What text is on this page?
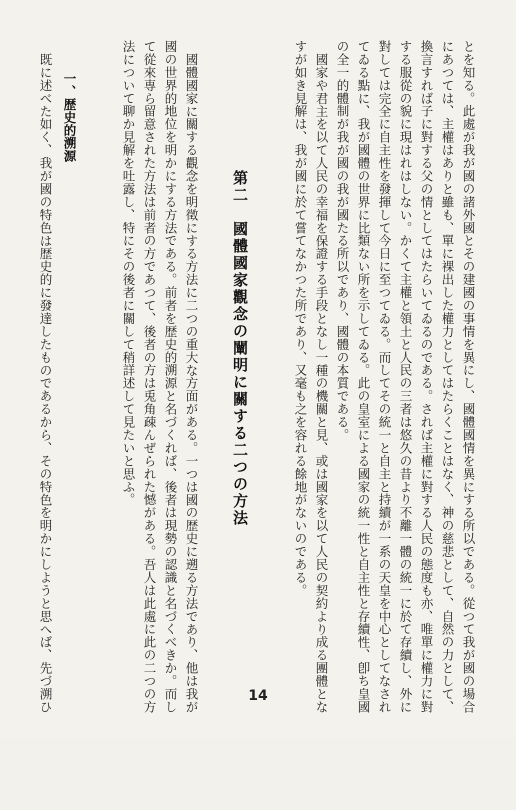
とを知る。此處が我が國の諸外國とその建國の事情を異にし、國體國情を異にする所以である。從つて我が國の場合
にあつては、主權はありと雖も、單に裸出した權力としてはたらくことはなく、神の慈悲として、自然の力として、
換言すれば子に對する父の情としてはたらいてゐるのである。されば主權に對する人民の態度も亦、唯單に權力に對
する服從の貌に現はれはしない。かくて主權と領土と人民の三者は悠久の昔より不離一體の統一に於て存續し、外に
對しては完全に自主性を發揮して今日に至つてゐる。而してその統一と自主と持續が一系の天皇を中心としてなされ
てゐる點に、我が國體の世界に比類ない所を示してゐる。此の皇室による國家の統一性と自主性と存續性、卽ち皇國
の全一的體制が我が國の我が國たる所以であり、國體の本質である。
國家や君主を以て人民の幸福を保證する手段となし一種の機關と見、或は國家を以て人民の契約より成る團體とな
すが如き見解は、我が國に於て嘗てなかつた所であり、又毫も之を容れる餘地がないのである。
第二　國體國家觀念の闡明に關する二つの方法
國體國家に關する觀念を明徵にする方法に二つの重大な方面がある。一つは國の歴史に遡る方法であり、他は我が
國の世界的地位を明かにする方法である。前者を歴史的溯源と名づくれば、後者は現勢の認識と名づくべきか。而し
て從來専ら留意された方法は前者の方であつて、後者の方は兎角疎んぜられた憾がある。吾人は此處に此の二つの方
法について聊か見解を吐露し、特にその後者に關して稍詳述して見たいと思ふ。
一、歴史的溯源
既に述べた如く、我が國の特色は歴史的に發達したものであるから、その特色を明かにしようと思へば、先づ溯ひ	14
